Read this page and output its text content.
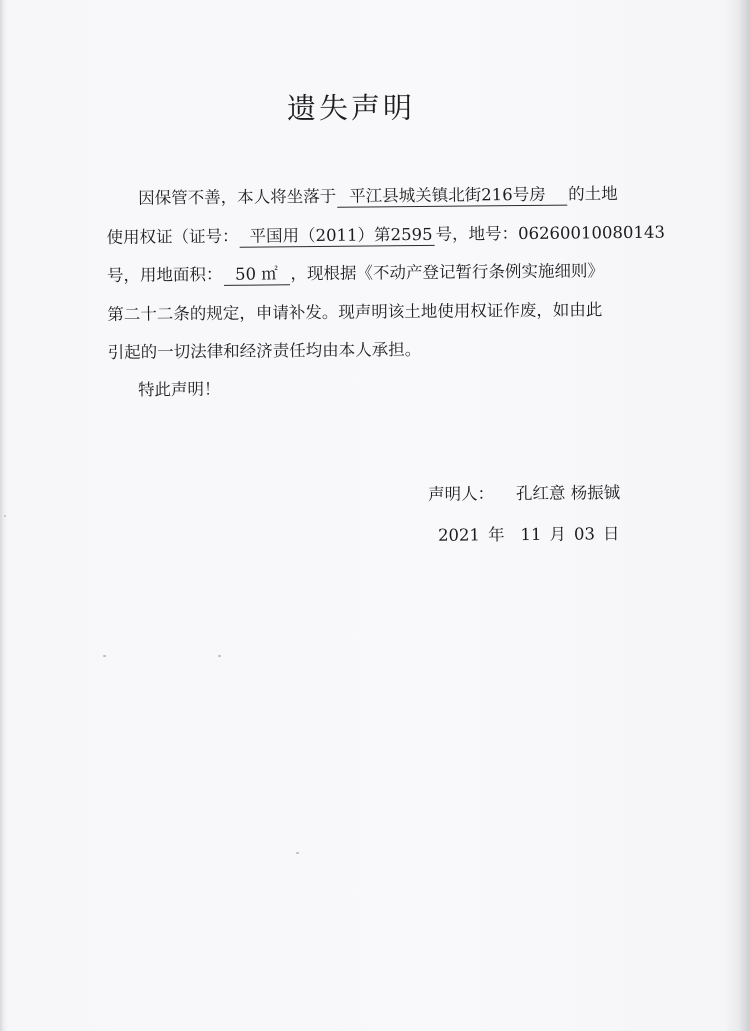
遗失声明
因保管不善，本人将坐落于 平江县城关镇北街216号房 的土地
使用权证（证号： 平国用（2011）第2595 号，地号：06260010080143
号，用地面积： 50 ㎡ ，现根据《不动产登记暂行条例实施细则》
第二十二条的规定，申请补发。现声明该土地使用权证作废，如由此
引起的一切法律和经济责任均由本人承担。
特此声明！
声明人： 孔红意 杨振铖
2021 年 11 月 03 日
